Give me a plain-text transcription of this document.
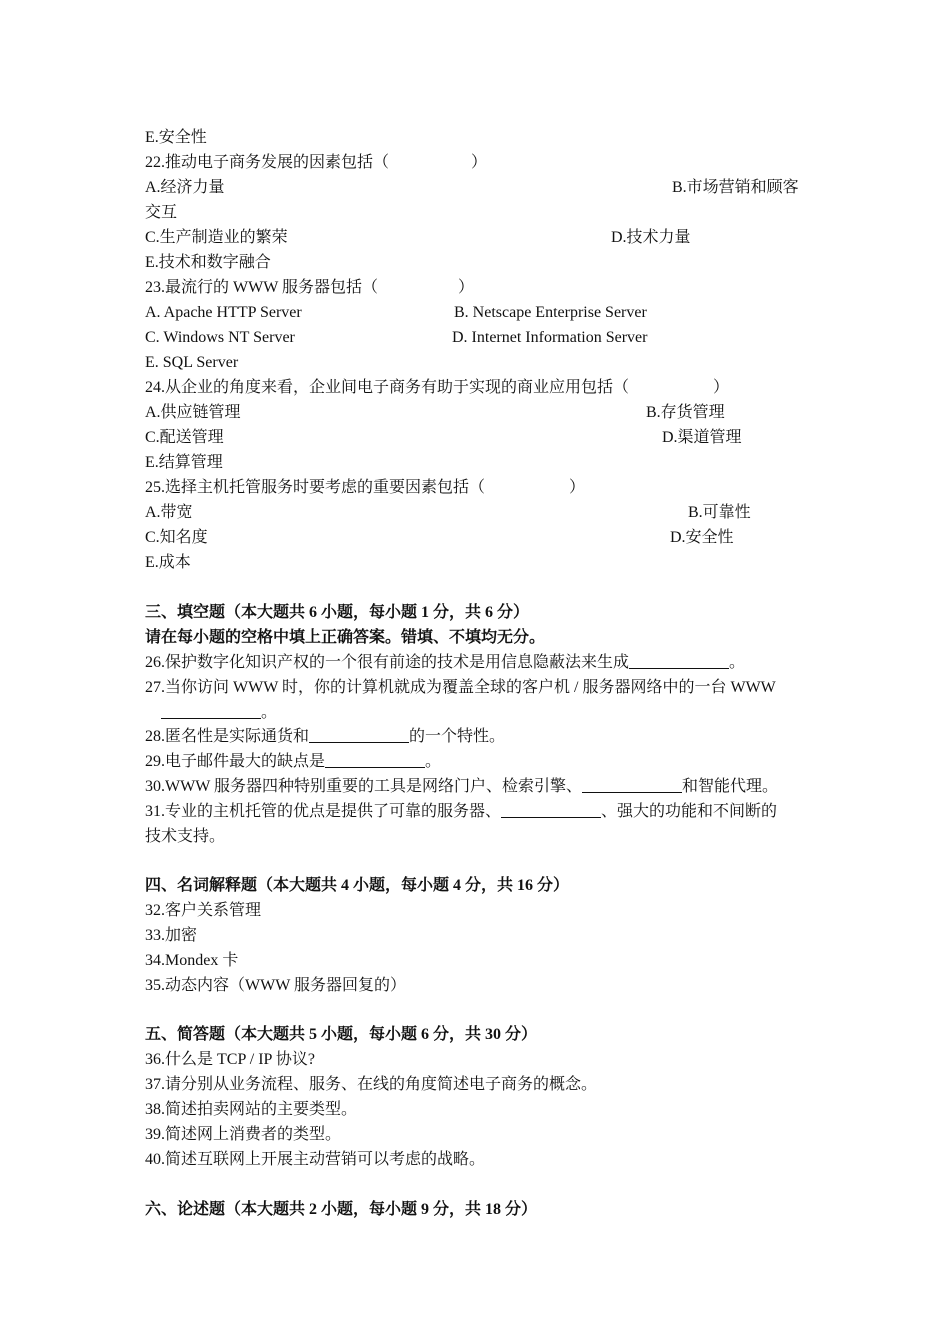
E.安全性
22.推动电子商务发展的因素包括（	）
A.经济力量	B.市场营销和顾客
交互
C.生产制造业的繁荣	D.技术力量
E.技术和数字融合
23.最流行的 WWW 服务器包括（	）
A. Apache HTTP Server	B. Netscape Enterprise Server
C. Windows NT Server	D. Internet Information Server
E. SQL Server
24.从企业的角度来看，企业间电子商务有助于实现的商业应用包括（	）
A.供应链管理	B.存货管理
C.配送管理	D.渠道管理
E.结算管理
25.选择主机托管服务时要考虑的重要因素包括（	）
A.带宽	B.可靠性
C.知名度	D.安全性
E.成本
三、填空题（本大题共 6 小题，每小题 1 分，共 6 分）
请在每小题的空格中填上正确答案。错填、不填均无分。
26.保护数字化知识产权的一个很有前途的技术是用信息隐蔽法来生成	。
27.当你访问 WWW 时，你的计算机就成为覆盖全球的客户机 / 服务器网络中的一台 WWW
。
28.匿名性是实际通货和	的一个特性。
29.电子邮件最大的缺点是	。
30.WWW 服务器四种特别重要的工具是网络门户、检索引擎、	和智能代理。
31.专业的主机托管的优点是提供了可靠的服务器、	、强大的功能和不间断的
技术支持。
四、名词解释题（本大题共 4 小题，每小题 4 分，共 16 分）
32.客户关系管理
33.加密
34.Mondex 卡
35.动态内容（WWW 服务器回复的）
五、简答题（本大题共 5 小题，每小题 6 分，共 30 分）
36.什么是 TCP / IP 协议?
37.请分别从业务流程、服务、在线的角度简述电子商务的概念。
38.简述拍卖网站的主要类型。
39.简述网上消费者的类型。
40.简述互联网上开展主动营销可以考虑的战略。
六、论述题（本大题共 2 小题，每小题 9 分，共 18 分）
